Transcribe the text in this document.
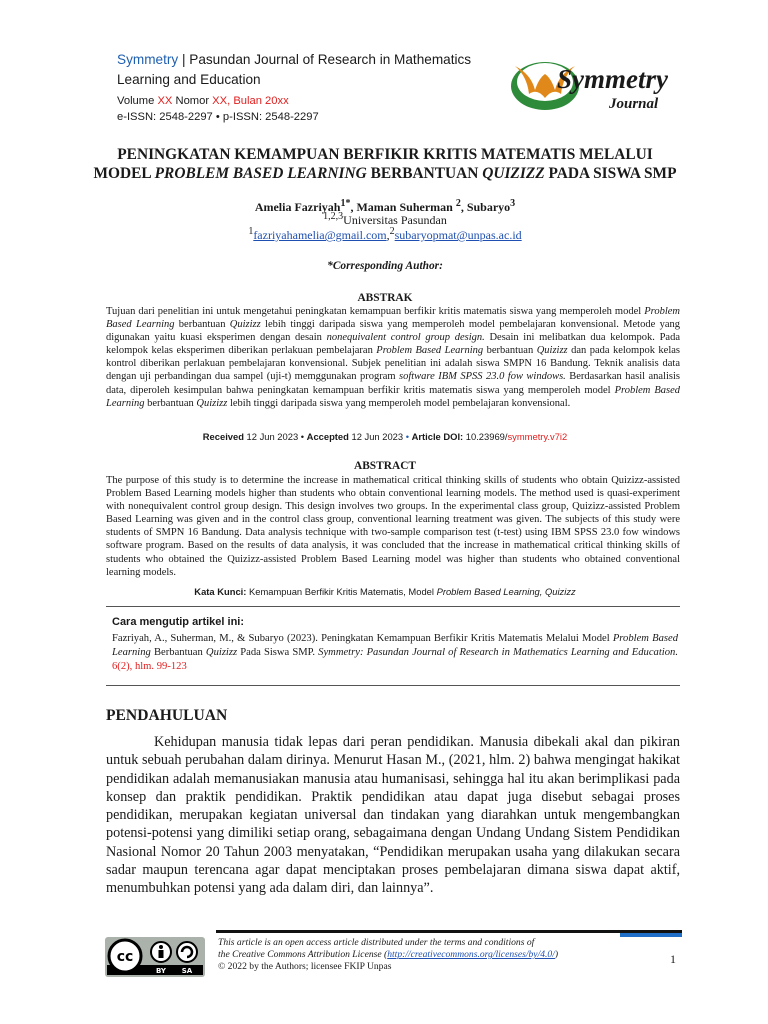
Symmetry | Pasundan Journal of Research in Mathematics Learning and Education
Volume XX Nomor XX, Bulan 20xx
e-ISSN: 2548-2297 • p-ISSN: 2548-2297
Symmetry
Journal
PENINGKATAN KEMAMPUAN BERFIKIR KRITIS MATEMATIS MELALUI
MODEL PROBLEM BASED LEARNING BERBANTUAN QUIZIZZ PADA SISWA SMP
Amelia Fazriyah$^{1*}$, Maman Suherman $^2$, Subaryo$^3$
$^{1,2,3}$Universitas Pasundan
$^1$fazriyahamelia@gmail.com,$^2$subaryopmat@unpas.ac.id
*Corresponding Author:
ABSTRAK
Tujuan dari penelitian ini untuk mengetahui peningkatan kemampuan berfikir kritis matematis siswa yang memperoleh model Problem Based Learning berbantuan Quizizz lebih tinggi daripada siswa yang memperoleh model pembelajaran konvensional. Metode yang digunakan yaitu kuasi eksperimen dengan desain nonequivalent control group design. Desain ini melibatkan dua kelompok. Pada kelompok kelas eksperimen diberikan perlakuan pembelajaran Problem Based Learning berbantuan Quizizz dan pada kelompok kelas kontrol diberikan perlakuan pembelajaran konvensional. Subjek penelitian ini adalah siswa SMPN 16 Bandung. Teknik analisis data dengan uji perbandingan dua sampel (uji-t) memggunakan program software IBM SPSS 23.0 fow windows. Berdasarkan hasil analisis data, diperoleh kesimpulan bahwa peningkatan kemampuan berfikir kritis matematis siswa yang memperoleh model Problem Based Learning berbantuan Quizizz lebih tinggi daripada siswa yang memperoleh model pembelajaran konvensional.
Received 12 Jun 2023 • Accepted 12 Jun 2023 • Article DOI: 10.23969/symmetry.v7i2
ABSTRACT
The purpose of this study is to determine the increase in mathematical critical thinking skills of students who obtain Quizizz-assisted Problem Based Learning models higher than students who obtain conventional learning models. The method used is quasi-experiment with nonequivalent control group design. This design involves two groups. In the experimental class group, Quizizz-assisted Problem Based Learning was given and in the control class group, conventional learning treatment was given. The subjects of this study were students of SMPN 16 Bandung. Data analysis technique with two-sample comparison test (t-test) using IBM SPSS 23.0 fow windows software program. Based on the results of data analysis, it was concluded that the increase in mathematical critical thinking skills of students who obtained the Quizizz-assisted Problem Based Learning model was higher than students who obtained conventional learning models.
Kata Kunci: Kemampuan Berfikir Kritis Matematis, Model Problem Based Learning, Quizizz
Cara mengutip artikel ini:
Fazriyah, A., Suherman, M., & Subaryo (2023). Peningkatan Kemampuan Berfikir Kritis Matematis Melalui Model Problem Based Learning Berbantuan Quizizz Pada Siswa SMP. Symmetry: Pasundan Journal of Research in Mathematics Learning and Education. 6(2), hlm. 99-123
PENDAHULUAN
Kehidupan manusia tidak lepas dari peran pendidikan. Manusia dibekali akal dan pikiran untuk sebuah perubahan dalam dirinya. Menurut Hasan M., (2021, hlm. 2) bahwa mengingat hakikat pendidikan adalah memanusiakan manusia atau humanisasi, sehingga hal itu akan berimplikasi pada konsep dan praktik pendidikan. Praktik pendidikan atau dapat juga disebut sebagai proses pendidikan, merupakan kegiatan universal dan tindakan yang diarahkan untuk mengembangkan potensi-potensi yang dimiliki setiap orang, sebagaimana dengan Undang Undang Sistem Pendidikan Nasional Nomor 20 Tahun 2003 menyatakan, “Pendidikan merupakan usaha yang dilakukan secara sadar maupun terencana agar dapat menciptakan proses pembelajaran dimana siswa dapat aktif, menumbuhkan potensi yang ada dalam diri, dan lainnya”.
cc
BY SA
This article is an open access article distributed under the terms and conditions of
the Creative Commons Attribution License (http://creativecommons.org/licenses/by/4.0/)
© 2022 by the Authors; licensee FKIP Unpas
1
